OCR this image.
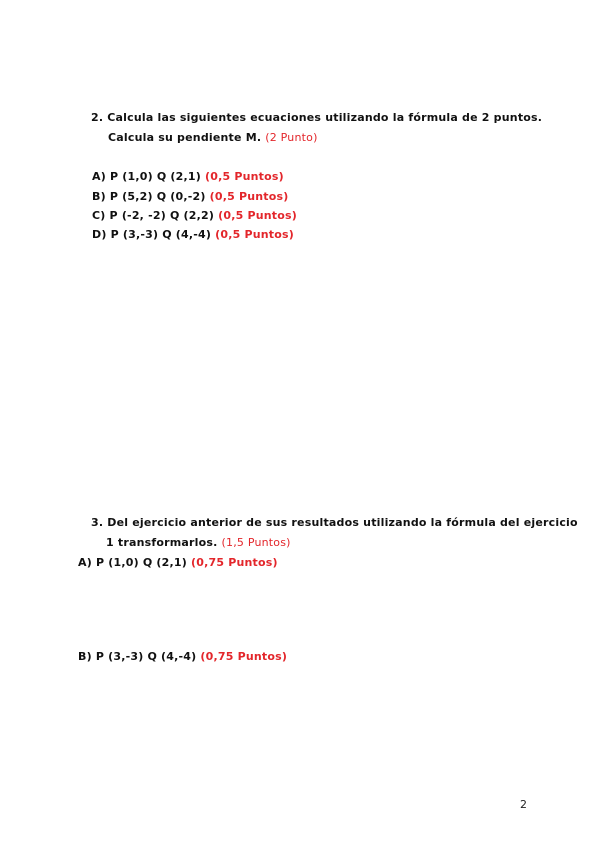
2. Calcula las siguientes ecuaciones utilizando la fórmula de 2 puntos.
Calcula su pendiente M. (2 Punto)
A) P (1,0) Q (2,1) (0,5 Puntos)
B) P (5,2) Q (0,-2) (0,5 Puntos)
C) P (-2, -2) Q (2,2) (0,5 Puntos)
D) P (3,-3) Q (4,-4) (0,5 Puntos)
3. Del ejercicio anterior de sus resultados utilizando la fórmula del ejercicio
1 transformarlos. (1,5 Puntos)
A) P (1,0) Q (2,1) (0,75 Puntos)
B) P (3,-3) Q (4,-4) (0,75 Puntos)
2
